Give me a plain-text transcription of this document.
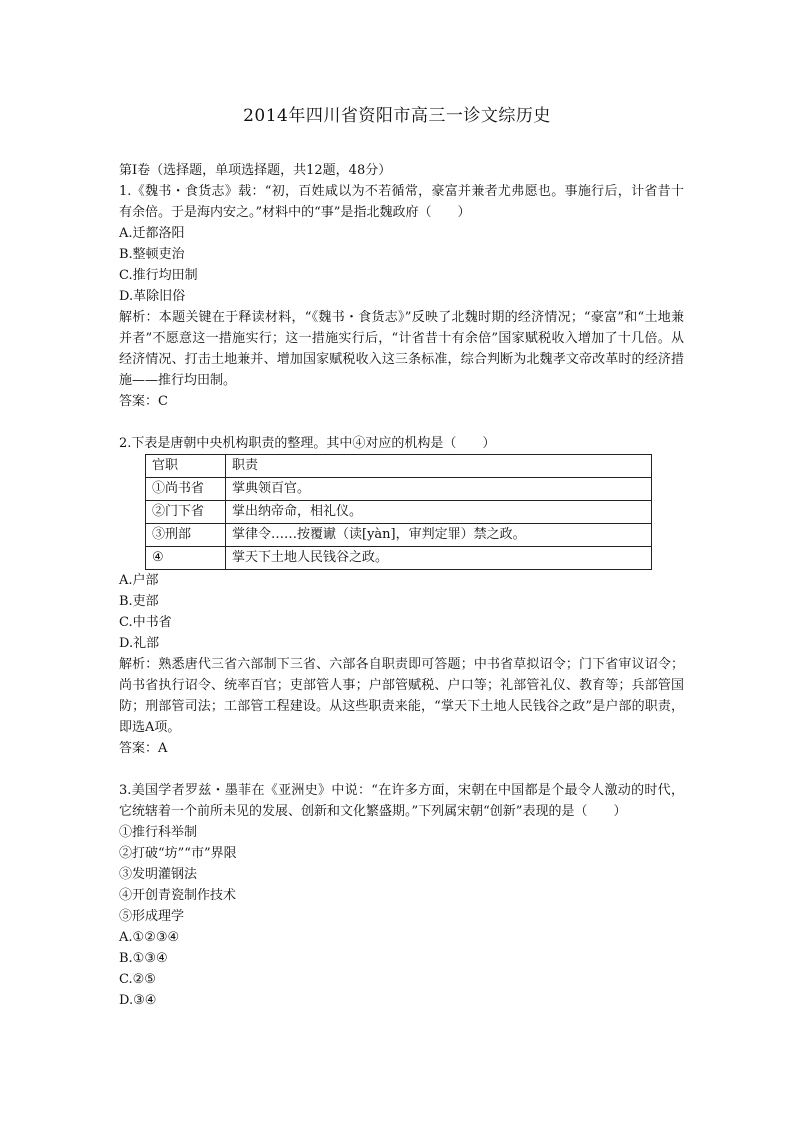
2014年四川省资阳市高三一诊文综历史
第Ⅰ卷（选择题，单项选择题，共12题，48分）
1.《魏书・食货志》载：“初，百姓咸以为不若循常，豪富并兼者尤弗愿也。事施行后，计省昔十有余倍。于是海内安之。”材料中的“事”是指北魏政府（　　）
A.迁都洛阳
B.整顿吏治
C.推行均田制
D.革除旧俗
解析：本题关键在于释读材料，“《魏书・食货志》”反映了北魏时期的经济情况；“豪富”和“土地兼并者”不愿意这一措施实行；这一措施实行后，“计省昔十有余倍”国家赋税收入增加了十几倍。从经济情况、打击土地兼并、增加国家赋税收入这三条标准，综合判断为北魏孝文帝改革时的经济措施——推行均田制。
答案：C
2.下表是唐朝中央机构职责的整理。其中④对应的机构是（　　）
官职	职责
①尚书省	掌典领百官。
②门下省	掌出纳帝命，相礼仪。
③刑部	掌律令……按覆谳（读[yàn]，审判定罪）禁之政。
④	掌天下土地人民钱谷之政。
A.户部
B.吏部
C.中书省
D.礼部
解析：熟悉唐代三省六部制下三省、六部各自职责即可答题；中书省草拟诏令；门下省审议诏令；尚书省执行诏令、统率百官；吏部管人事；户部管赋税、户口等；礼部管礼仪、教育等；兵部管国防；刑部管司法；工部管工程建设。从这些职责来能，“掌天下土地人民钱谷之政”是户部的职责，即选A项。
答案：A
3.美国学者罗兹・墨菲在《亚洲史》中说：“在许多方面，宋朝在中国都是个最令人激动的时代，它统辖着一个前所未见的发展、创新和文化繁盛期。”下列属宋朝“创新”表现的是（　　）
①推行科举制
②打破“坊”“市”界限
③发明灌钢法
④开创青瓷制作技术
⑤形成理学
A.①②③④
B.①③④
C.②⑤
D.③④
